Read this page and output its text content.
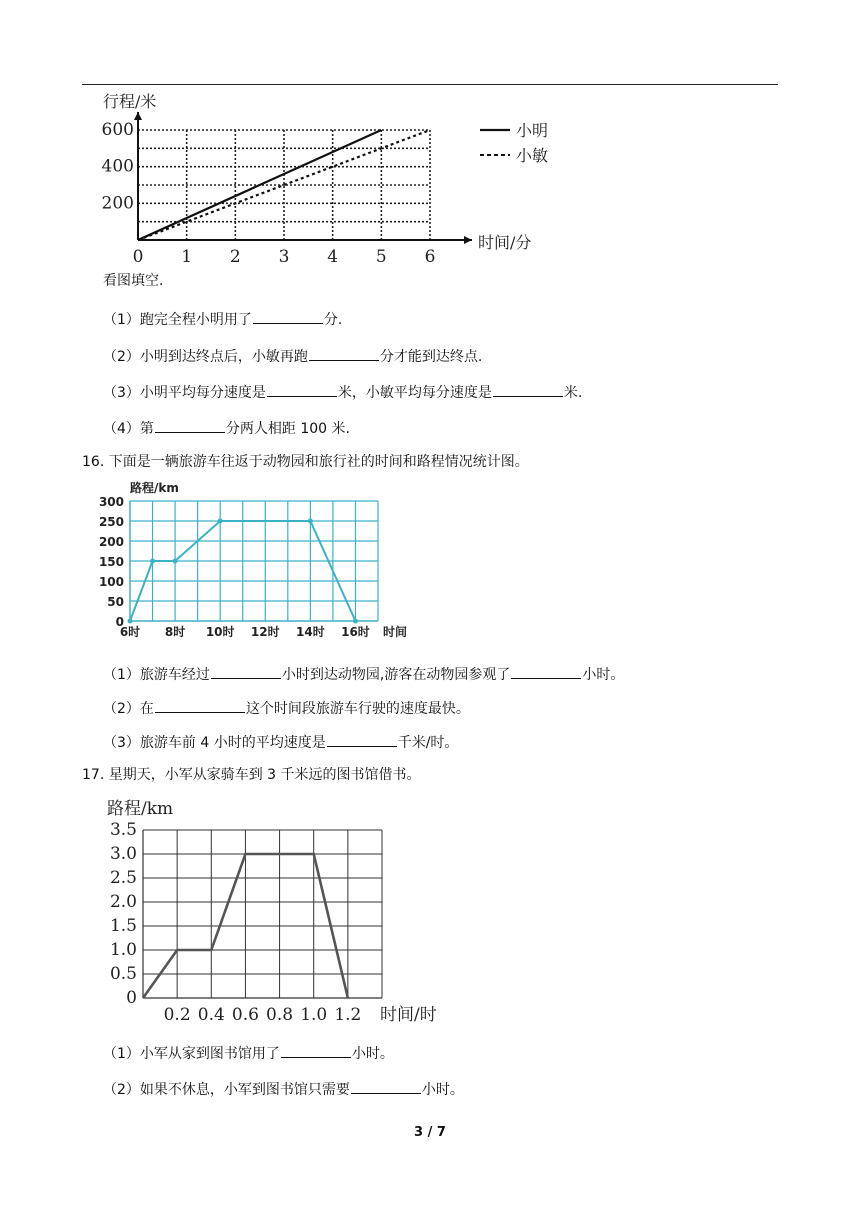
0 1 2 3 4 5 6
200
400
600
行程/米
时间/分
小明
小敏
6时 8时 10时 12时 14时 16时
0
50
100
150
200
250
300
路程/km
时间
0.2 0.4 0.6 0.8 1.0 1.2
0
0.5
1.0
1.5
2.0
2.5
3.0
3.5
路程/km
时间/时
看图填空.
（1）跑完全程小明用了	分.
（2）小明到达终点后，小敏再跑	分才能到达终点.
（3）小明平均每分速度是	米，小敏平均每分速度是	米.
（4）第	分两人相距 100 米.
16. 下面是一辆旅游车往返于动物园和旅行社的时间和路程情况统计图。
（1）旅游车经过	小时到达动物园,游客在动物园参观了	小时。
（2）在	这个时间段旅游车行驶的速度最快。
（3）旅游车前 4 小时的平均速度是	千米/时。
17. 星期天，小军从家骑车到 3 千米远的图书馆借书。
（1）小军从家到图书馆用了	小时。
（2）如果不休息，小军到图书馆只需要	小时。
3 / 7
